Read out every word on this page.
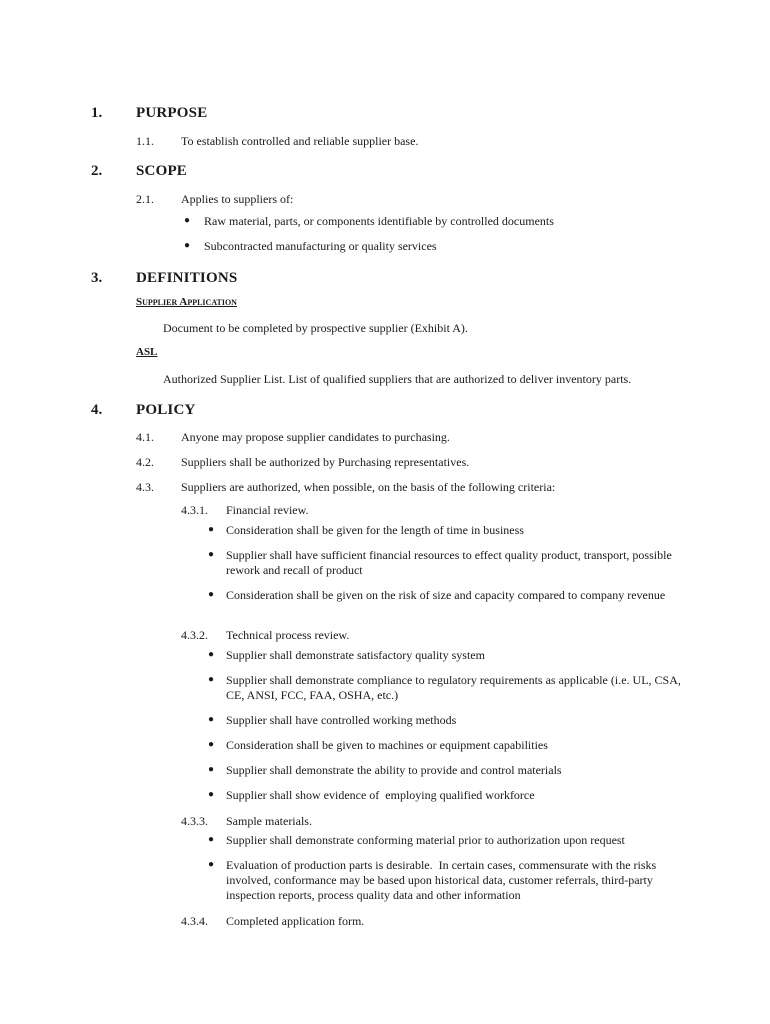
1. PURPOSE
1.1. To establish controlled and reliable supplier base.
2. SCOPE
2.1. Applies to suppliers of:
● Raw material, parts, or components identifiable by controlled documents
● Subcontracted manufacturing or quality services
3. DEFINITIONS
Supplier Application
Document to be completed by prospective supplier (Exhibit A).
ASL
Authorized Supplier List. List of qualified suppliers that are authorized to deliver inventory parts.
4. POLICY
4.1. Anyone may propose supplier candidates to purchasing.
4.2. Suppliers shall be authorized by Purchasing representatives.
4.3. Suppliers are authorized, when possible, on the basis of the following criteria:
4.3.1. Financial review.
● Consideration shall be given for the length of time in business
● Supplier shall have sufficient financial resources to effect quality product, transport, possible rework and recall of product
● Consideration shall be given on the risk of size and capacity compared to company revenue
4.3.2. Technical process review.
● Supplier shall demonstrate satisfactory quality system
● Supplier shall demonstrate compliance to regulatory requirements as applicable (i.e. UL, CSA, CE, ANSI, FCC, FAA, OSHA, etc.)
● Supplier shall have controlled working methods
● Consideration shall be given to machines or equipment capabilities
● Supplier shall demonstrate the ability to provide and control materials
● Supplier shall show evidence of  employing qualified workforce
4.3.3. Sample materials.
● Supplier shall demonstrate conforming material prior to authorization upon request
● Evaluation of production parts is desirable.  In certain cases, commensurate with the risks involved, conformance may be based upon historical data, customer referrals, third-party inspection reports, process quality data and other information
4.3.4. Completed application form.
